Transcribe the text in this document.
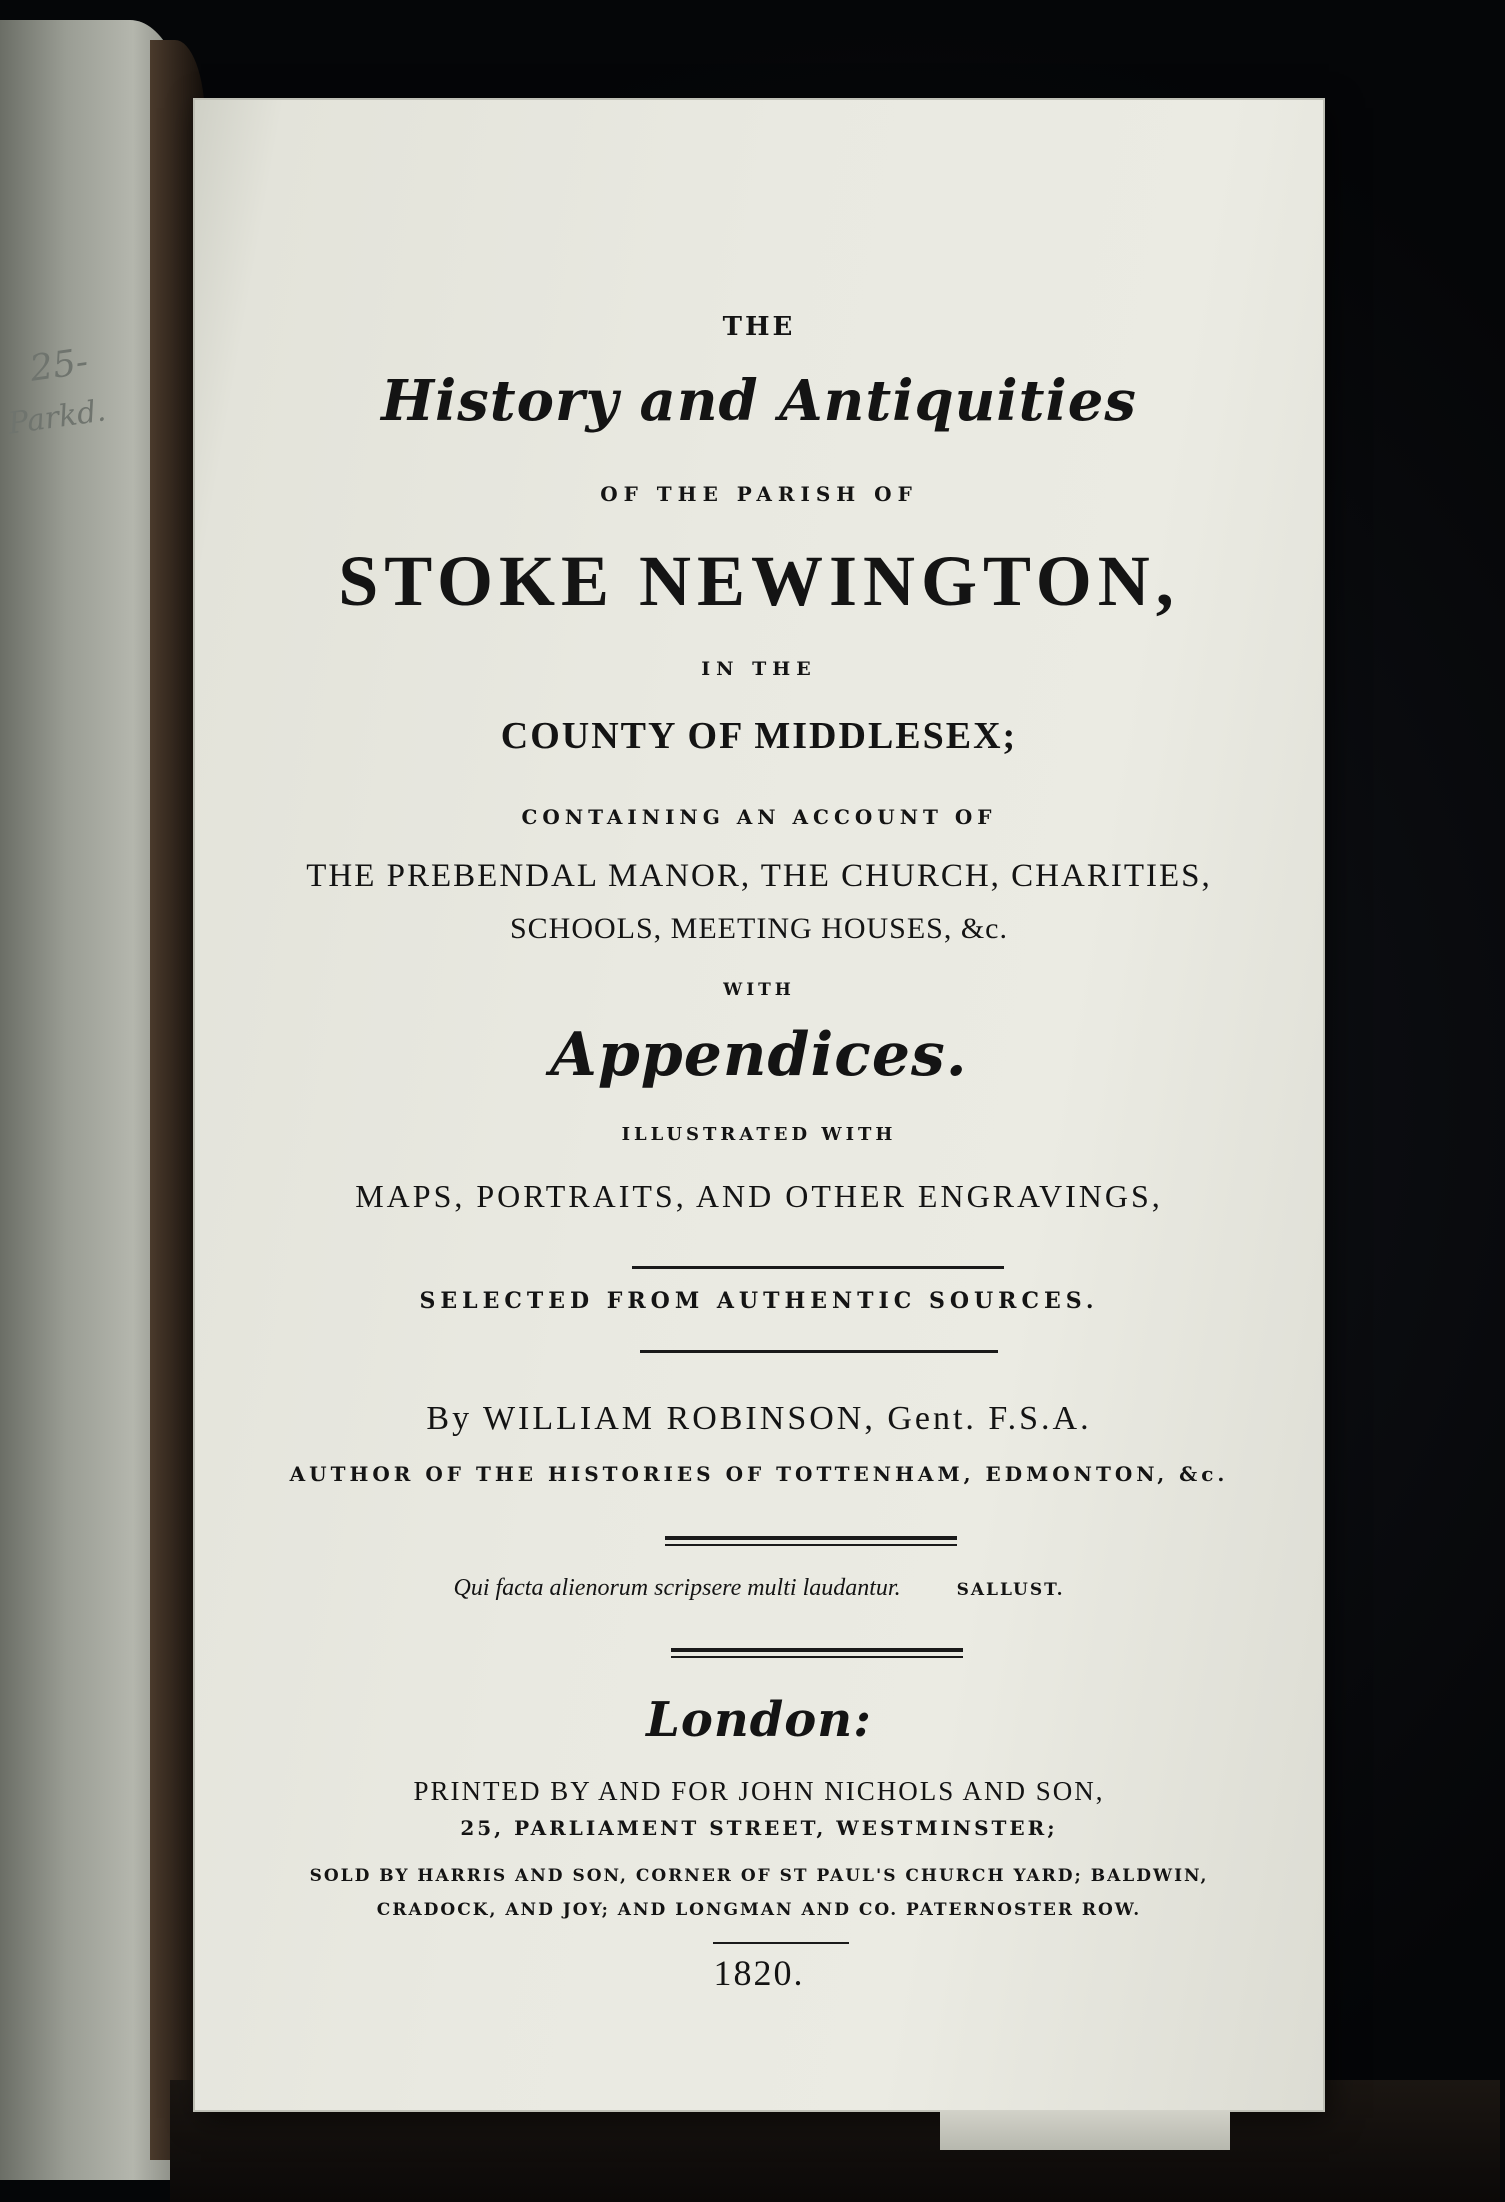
25-
Parkd.
THE
History and Antiquities
OF THE PARISH OF
STOKE NEWINGTON,
IN THE
COUNTY OF MIDDLESEX;
CONTAINING AN ACCOUNT OF
THE PREBENDAL MANOR, THE CHURCH, CHARITIES,
SCHOOLS, MEETING HOUSES, &c.
WITH
Appendices.
ILLUSTRATED WITH
MAPS, PORTRAITS, AND OTHER ENGRAVINGS,
SELECTED FROM AUTHENTIC SOURCES.
By WILLIAM ROBINSON, Gent. F.S.A.
AUTHOR OF THE HISTORIES OF TOTTENHAM, EDMONTON, &c.
Qui facta alienorum scripsere multi laudantur.	SALLUST.
London:
PRINTED BY AND FOR JOHN NICHOLS AND SON,
25, PARLIAMENT STREET, WESTMINSTER;
SOLD BY HARRIS AND SON, CORNER OF ST PAUL'S CHURCH YARD; BALDWIN,
CRADOCK, AND JOY; AND LONGMAN AND CO. PATERNOSTER ROW.
1820.
